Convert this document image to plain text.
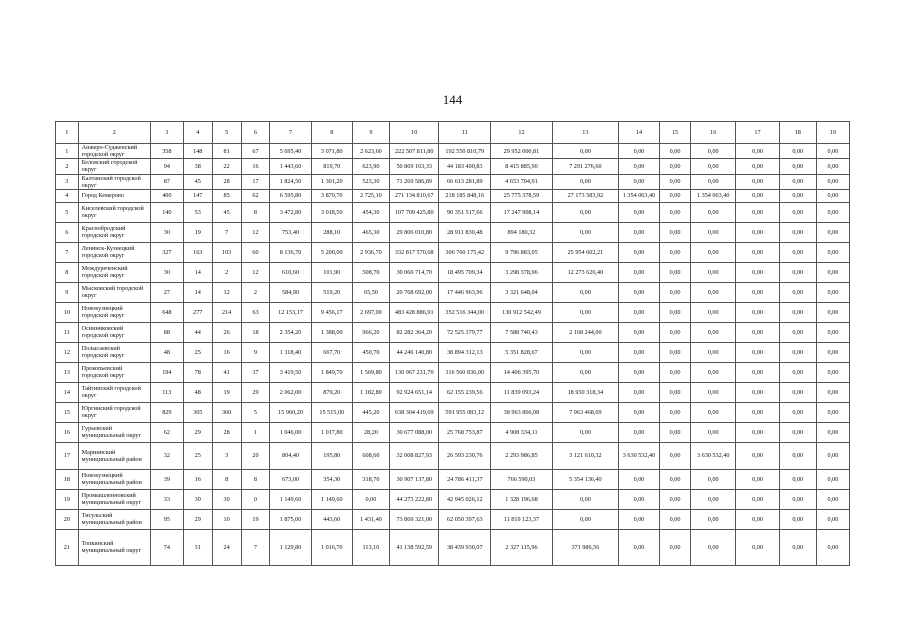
144
1	2	3	4	5	6	7	8	9	10	11	12	13	14	15	16	17	18	19
1	Анжеро-Судженский городской округ	358	148	81	67	5 695,40	3 071,80	2 623,60	222 507 811,80	192 550 810,79	29 952 000,81	0,00	0,00	0,00	0,00	0,00	0,00	0,00
2	Беловский городской округ	94	38	22	16	1 443,60	819,70	623,90	50 869 163,33	44 183 400,83	8 415 885,90	7 291 276,60	0,00	0,00	0,00	0,00	0,00	0,00
3	Калтанский городской округ	87	45	28	17	1 824,50	1 301,20	523,30	71 269 586,89	66 613 281,89	4 653 704,91	0,00	0,00	0,00	0,00	0,00	0,00	0,00
4	Город Кемерово	400	147	85	62	6 595,80	3 870,70	2 725,10	271 134 810,67	218 185 848,16	25 775 378,59	27 173 583,92	1 354 063,40	0,00	1 354 063,40	0,00	0,00	0,00
5	Киселевский городской округ	140	53	45	8	3 472,80	3 018,50	454,30	107 709 425,80	90 351 517,66	17 247 908,14	0,00	0,00	0,00	0,00	0,00	0,00	0,00
6	Краснобродский городской округ	30	19	7	12	753,40	288,10	465,30	29 806 010,80	28 911 830,48	894 180,32	0,00	0,00	0,00	0,00	0,00	0,00	0,00
7	Ленинск-Кузнецкий городской округ	327	163	103	60	8 136,70	5 200,00	2 936,70	332 817 570,68	306 760 175,42	9 796 883,05	25 954 602,21	0,00	0,00	0,00	0,00	0,00	0,00
8	Междуреченский городской округ	30	14	2	12	610,60	101,90	508,70	30 060 714,70	18 495 709,34	3 298 378,96	12 273 626,40	0,00	0,00	0,00	0,00	0,00	0,00
9	Мысковский городской округ	27	14	12	2	584,90	519,20	65,50	20 768 692,00	17 446 963,96	3 321 648,04	0,00	0,00	0,00	0,00	0,00	0,00	0,00
10	Новокузнецкий городской округ	648	277	214	63	12 153,17	9 456,17	2 697,00	483 428 886,91	352 516 344,00	130 912 542,49	0,00	0,00	0,00	0,00	0,00	0,00	0,00
11	Осинниковский городской округ	88	44	26	18	2 354,20	1 388,00	966,20	82 282 364,20	72 525 379,77	7 588 740,43	2 168 244,00	0,00	0,00	0,00	0,00	0,00	0,00
12	Полысаевский городской округ	48	25	16	9	1 118,40	667,70	450,70	44 246 140,80	38 894 312,13	5 351 828,67	0,00	0,00	0,00	0,00	0,00	0,00	0,00
13	Прокопьевский городской округ	194	78	41	37	3 419,50	1 849,70	1 569,80	130 967 231,70	116 560 836,00	14 406 395,70	0,00	0,00	0,00	0,00	0,00	0,00	0,00
14	Тайгинский городской округ	113	48	19	29	2 062,00	879,20	1 182,80	92 924 651,14	62 155 239,56	11 839 093,24	18 930 318,34	0,00	0,00	0,00	0,00	0,00	0,00
15	Юргинский городской округ	829	365	360	5	15 960,20	15 515,00	445,20	638 304 419,69	591 955 083,12	38 963 866,08	7 963 468,69	0,00	0,00	0,00	0,00	0,00	0,00
16	Гурьевский муниципальный округ	62	29	28	1	1 046,00	1 017,80	28,20	30 677 088,00	25 768 753,87	4 908 334,11	0,00	0,00	0,00	0,00	0,00	0,00	0,00
17	Мариинский муниципальный район	32	25	3	20	804,40	195,80	608,60	32 008 827,93	26 593 230,76	2 293 986,85	3 121 610,32	3 630 532,40	0,00	3 630 532,40	0,00	0,00	0,00
18	Новокузнецкий муниципальный район	39	16	8	8	673,00	354,30	318,70	30 907 137,80	24 786 411,37	766 590,03	5 354 136,40	0,00	0,00	0,00	0,00	0,00	0,00
19	Промышленновский муниципальный округ	33	30	30	0	1 149,60	1 149,60	0,00	44 273 222,80	42 945 026,12	1 328 196,68	0,00	0,00	0,00	0,00	0,00	0,00	0,00
20	Тисульский муниципальный район	95	29	10	19	1 875,00	443,60	1 431,40	73 869 321,00	62 050 397,63	11 819 123,37	0,00	0,00	0,00	0,00	0,00	0,00	0,00
21	Топкинский муниципальный округ	74	31	24	7	1 129,80	1 016,70	113,10	41 138 592,59	38 439 930,07	2 327 115,96	371 986,56	0,00	0,00	0,00	0,00	0,00	0,00
